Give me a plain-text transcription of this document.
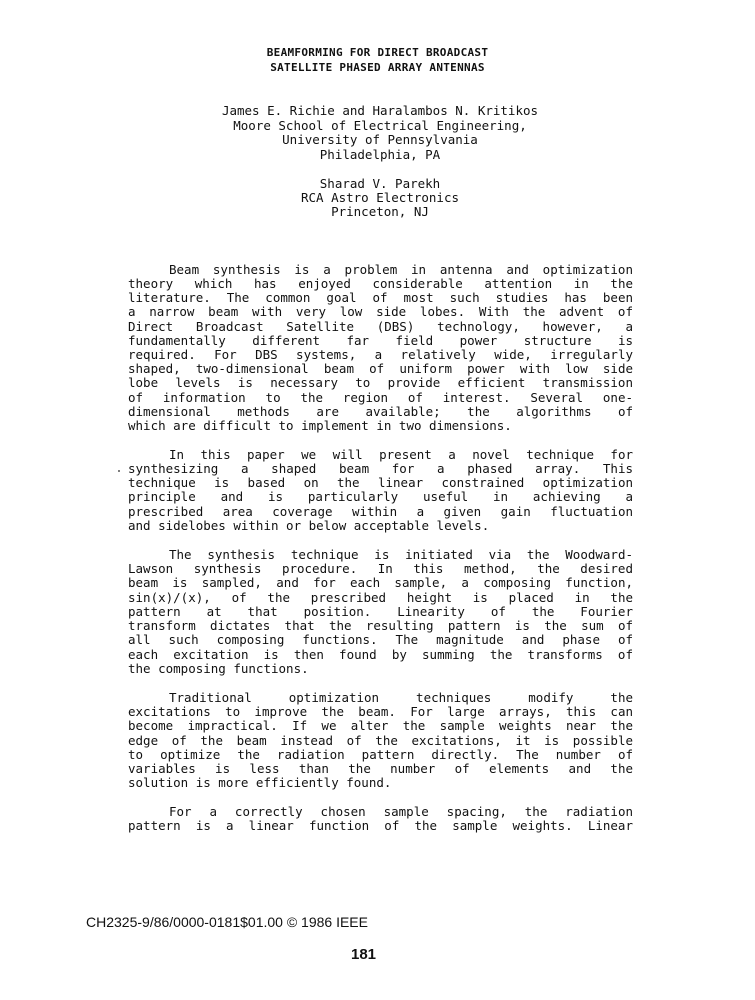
BEAMFORMING FOR DIRECT BROADCAST
SATELLITE PHASED ARRAY ANTENNAS
James E. Richie and Haralambos N. Kritikos
Moore School of Electrical Engineering,
University of Pennsylvania
Philadelphia, PA
Sharad V. Parekh
RCA Astro Electronics
Princeton, NJ
Beam synthesis is a problem in antenna and optimization
theory which has enjoyed considerable attention in the
literature. The common goal of most such studies has been
a narrow beam with very low side lobes. With the advent of
Direct Broadcast Satellite (DBS) technology, however, a
fundamentally different far field power structure is
required. For DBS systems, a relatively wide, irregularly
shaped, two-dimensional beam of uniform power with low side
lobe levels is necessary to provide efficient transmission
of information to the region of interest. Several one-
dimensional methods are available; the algorithms of
which are difficult to implement in two dimensions.
In this paper we will present a novel technique for
synthesizing a shaped beam for a phased array. This
technique is based on the linear constrained optimization
principle and is particularly useful in achieving a
prescribed area coverage within a given gain fluctuation
and sidelobes within or below acceptable levels.
The synthesis technique is initiated via the Woodward-
Lawson synthesis procedure. In this method, the desired
beam is sampled, and for each sample, a composing function,
sin(x)/(x), of the prescribed height is placed in the
pattern at that position. Linearity of the Fourier
transform dictates that the resulting pattern is the sum of
all such composing functions. The magnitude and phase of
each excitation is then found by summing the transforms of
the composing functions.
Traditional optimization techniques modify the
excitations to improve the beam. For large arrays, this can
become impractical. If we alter the sample weights near the
edge of the beam instead of the excitations, it is possible
to optimize the radiation pattern directly. The number of
variables is less than the number of elements and the
solution is more efficiently found.
For a correctly chosen sample spacing, the radiation
pattern is a linear function of the sample weights. Linear
CH2325-9/86/0000-0181$01.00 © 1986 IEEE
181
